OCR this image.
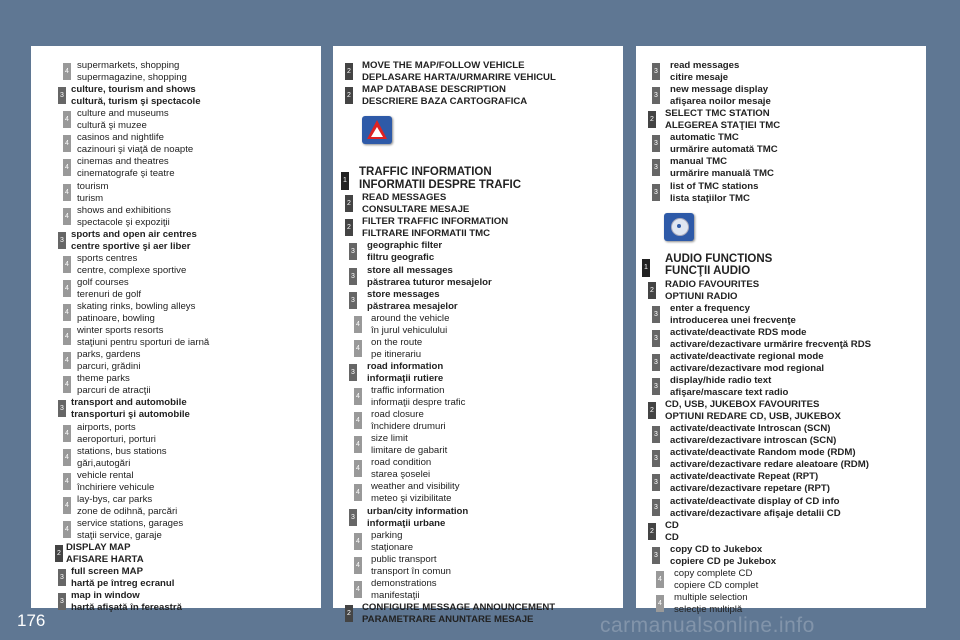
4
supermarkets, shopping
supermagazine, shopping
3
culture, tourism and shows
cultură, turism şi spectacole
4
culture and museums
cultură şi muzee
4
casinos and nightlife
cazinouri şi viaţă de noapte
4
cinemas and theatres
cinematografe şi teatre
4
tourism
turism
4
shows and exhibitions
spectacole şi expoziţii
3
sports and open air centres
centre sportive şi aer liber
4
sports centres
centre, complexe sportive
4
golf courses
terenuri de golf
4
skating rinks, bowling alleys
patinoare, bowling
4
winter sports resorts
staţiuni pentru sporturi de iarnă
4
parks, gardens
parcuri, grădini
4
theme parks
parcuri de atracţii
3
transport and automobile
transporturi şi automobile
4
airports, ports
aeroporturi, porturi
4
stations, bus stations
gări,autogări
4
vehicle rental
închiriere vehicule
4
lay-bys, car parks
zone de odihnă, parcări
4
service stations, garages
staţii service, garaje
2
DISPLAY MAP
AFISARE HARTA
3
full screen MAP
hartă pe întreg ecranul
3
map in window
hartă afişată în fereastră
2
MOVE THE MAP/FOLLOW VEHICLE
DEPLASARE HARTA/URMARIRE VEHICUL
2
MAP DATABASE DESCRIPTION
DESCRIERE BAZA CARTOGRAFICA
1
TRAFFIC INFORMATION
INFORMATII DESPRE TRAFIC
2
READ MESSAGES
CONSULTARE MESAJE
2
FILTER TRAFFIC INFORMATION
FILTRARE INFORMATII TMC
3
geographic filter
filtru geografic
3
store all messages
păstrarea tuturor mesajelor
3
store messages
păstrarea mesajelor
4
around the vehicle
în jurul vehiculului
4
on the route
pe itinerariu
3
road information
informaţii rutiere
4
traffic information
informaţii despre trafic
4
road closure
închidere drumuri
4
size limit
limitare de gabarit
4
road condition
starea şoselei
4
weather and visibility
meteo şi vizibilitate
3
urban/city information
informaţii urbane
4
parking
staţionare
4
public transport
transport în comun
4
demonstrations
manifestaţii
2
CONFIGURE MESSAGE ANNOUNCEMENT
PARAMETRARE ANUNTARE MESAJE
3
read messages
citire mesaje
3
new message display
afişarea noilor mesaje
2
SELECT TMC STATION
ALEGEREA STAŢIEI TMC
3
automatic TMC
urmărire automată TMC
3
manual TMC
urmărire manuală TMC
3
list of TMC stations
lista staţiilor TMC
1
AUDIO FUNCTIONS
FUNCŢII AUDIO
2
RADIO FAVOURITES
OPTIUNI RADIO
3
enter a frequency
introducerea unei frecvenţe
3
activate/deactivate RDS mode
activare/dezactivare urmărire frecvenţă RDS
3
activate/deactivate regional mode
activare/dezactivare mod regional
3
display/hide radio text
afişare/mascare text radio
2
CD, USB, JUKEBOX FAVOURITES
OPTIUNI REDARE CD, USB, JUKEBOX
3
activate/deactivate Introscan (SCN)
activare/dezactivare introscan (SCN)
3
activate/deactivate Random mode (RDM)
activare/dezactivare redare aleatoare (RDM)
3
activate/deactivate Repeat (RPT)
activare/dezactivare repetare (RPT)
3
activate/deactivate display of CD info
activare/dezactivare afişaje detalii CD
2
CD
CD
3
copy CD to Jukebox
copiere CD pe Jukebox
4
copy complete CD
copiere CD complet
4
multiple selection
selecţie multiplă
176	carmanualsonline.info
